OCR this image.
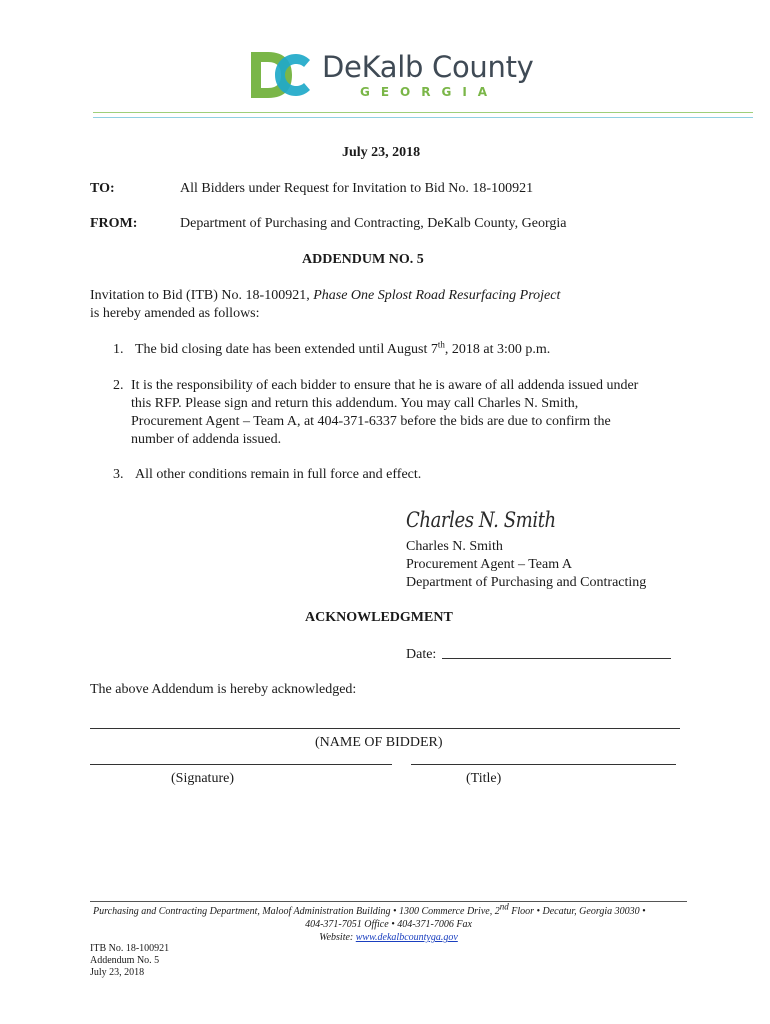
DeKalb County
GEORGIA
July 23, 2018
TO:	All Bidders under Request for Invitation to Bid No. 18-100921
FROM:	Department of Purchasing and Contracting, DeKalb County, Georgia
ADDENDUM NO. 5
Invitation to Bid (ITB) No. 18-100921, Phase One Splost Road Resurfacing Project
is hereby amended as follows:
1. The bid closing date has been extended until August 7th, 2018 at 3:00 p.m.
2. It is the responsibility of each bidder to ensure that he is aware of all addenda issued under
this RFP. Please sign and return this addendum. You may call Charles N. Smith,
Procurement Agent – Team A, at 404-371-6337 before the bids are due to confirm the
number of addenda issued.
3. All other conditions remain in full force and effect.
Charles N. Smith
Charles N. Smith
Procurement Agent – Team A
Department of Purchasing and Contracting
ACKNOWLEDGMENT
Date:
The above Addendum is hereby acknowledged:
(NAME OF BIDDER)
(Signature)	(Title)
Purchasing and Contracting Department, Maloof Administration Building • 1300 Commerce Drive, 2nd Floor • Decatur, Georgia 30030 •
404-371-7051 Office • 404-371-7006 Fax
Website: www.dekalbcountyga.gov
ITB No. 18-100921
Addendum No. 5
July 23, 2018
